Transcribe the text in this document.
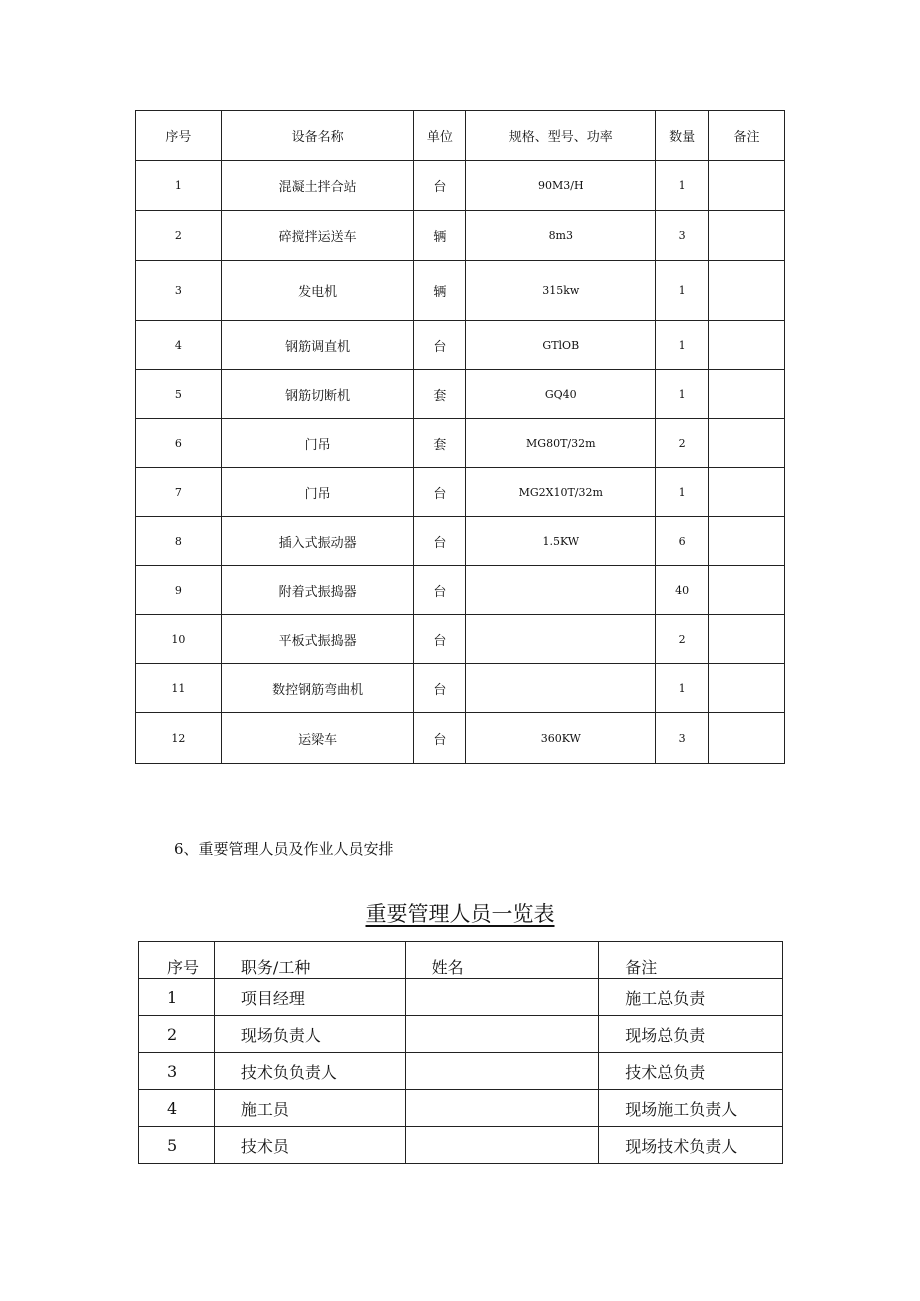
序号	设备名称	单位	规格、型号、功率	数量	备注
1	混凝土拌合站	台	90M3/H	1	
2	碎搅拌运送车	辆	8m3	3	
3	发电机	辆	315kw	1	
4	钢筋调直机	台	GTlOB	1	
5	钢筋切断机	套	GQ40	1	
6	门吊	套	MG80T/32m	2	
7	门吊	台	MG2X10T/32m	1	
8	插入式振动器	台	1.5KW	6	
9	附着式振捣器	台		40	
10	平板式振捣器	台		2	
11	数控钢筋弯曲机	台		1	
12	运梁车	台	360KW	3	
6、重要管理人员及作业人员安排
重要管理人员一览表
序号	职务/工种	姓名	备注
1	项目经理		施工总负责
2	现场负责人		现场总负责
3	技术负负责人		技术总负责
4	施工员		现场施工负责人
5	技术员		现场技术负责人
